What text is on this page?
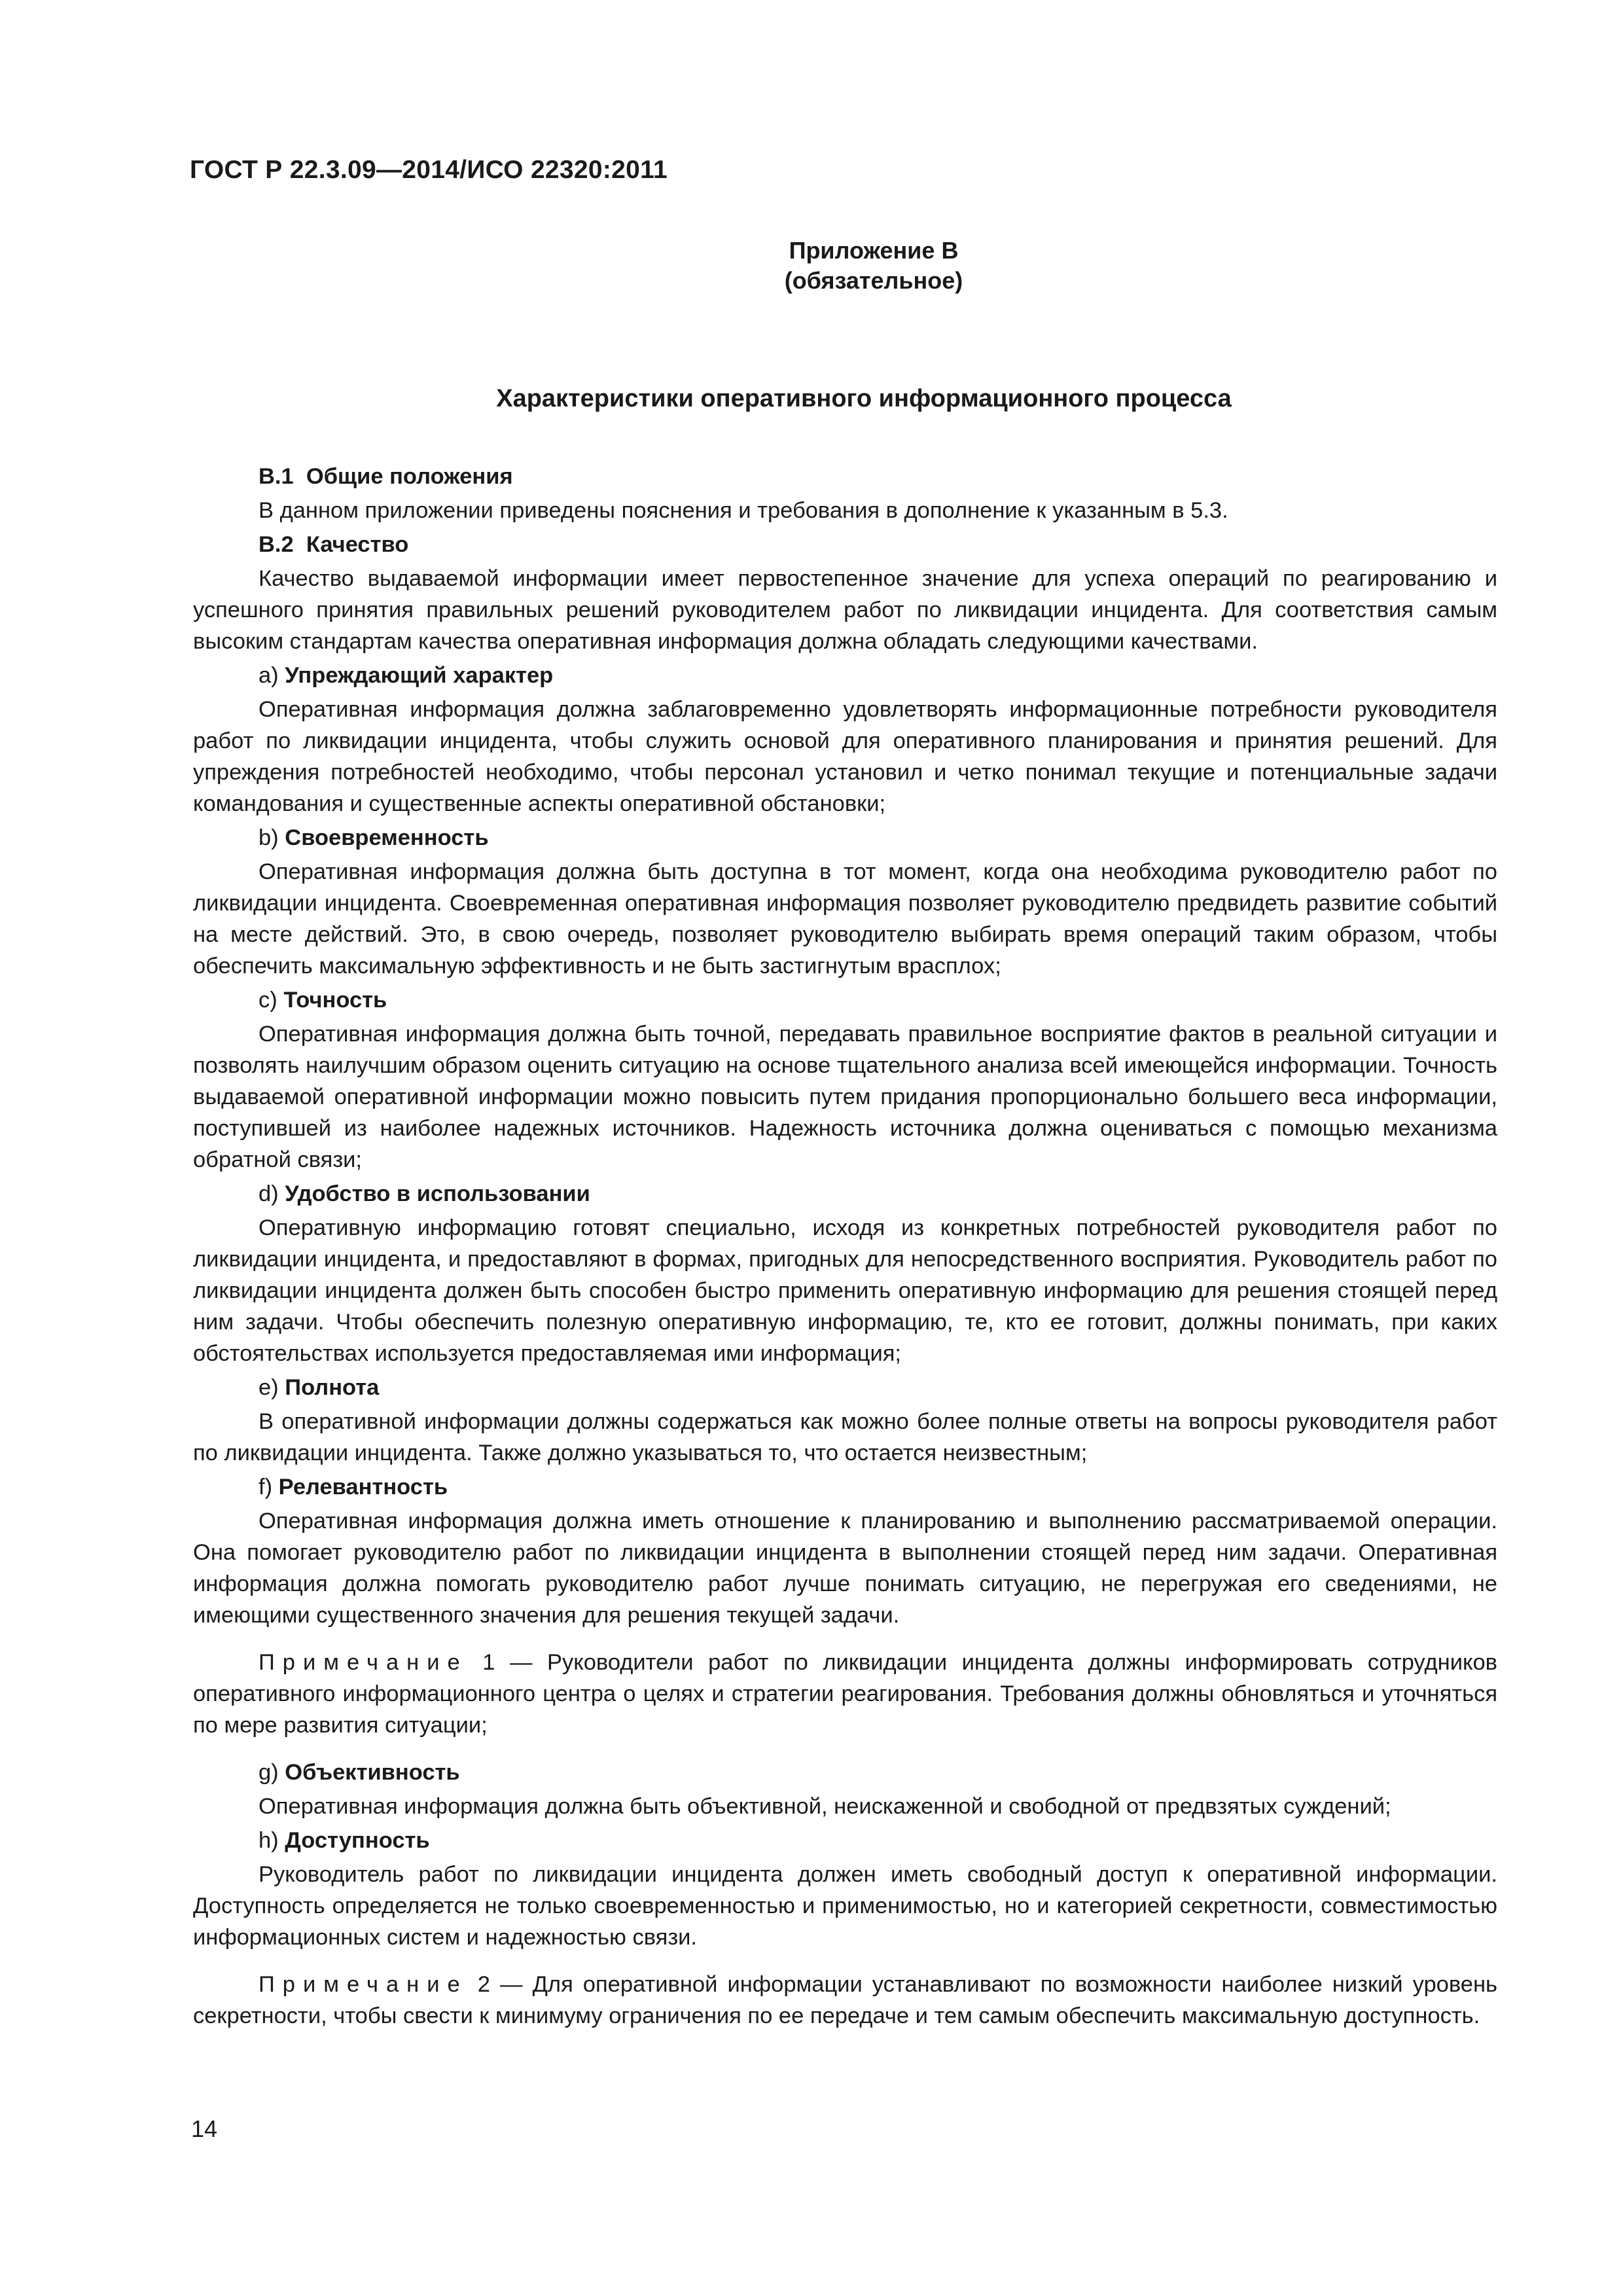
ГОСТ Р 22.3.09—2014/ИСО 22320:2011
Приложение В
(обязательное)
Характеристики оперативного информационного процесса

В.1 Общие положения

В данном приложении приведены пояснения и требования в дополнение к указанным в 5.3.

В.2 Качество

Качество выдаваемой информации имеет первостепенное значение для успеха операций по реагированию и успешного принятия правильных решений руководителем работ по ликвидации инцидента. Для соответствия самым высоким стандартам качества оперативная информация должна обладать следующими качествами.

а) Упреждающий характер

Оперативная информация должна заблаговременно удовлетворять информационные потребности руководителя работ по ликвидации инцидента, чтобы служить основой для оперативного планирования и принятия решений. Для упреждения потребностей необходимо, чтобы персонал установил и четко понимал текущие и потенциальные задачи командования и существенные аспекты оперативной обстановки;

b) Своевременность

Оперативная информация должна быть доступна в тот момент, когда она необходима руководителю работ по ликвидации инцидента. Своевременная оперативная информация позволяет руководителю предвидеть развитие событий на месте действий. Это, в свою очередь, позволяет руководителю выбирать время операций таким образом, чтобы обеспечить максимальную эффективность и не быть застигнутым врасплох;

с) Точность

Оперативная информация должна быть точной, передавать правильное восприятие фактов в реальной ситуации и позволять наилучшим образом оценить ситуацию на основе тщательного анализа всей имеющейся информации. Точность выдаваемой оперативной информации можно повысить путем придания пропорционально большего веса информации, поступившей из наиболее надежных источников. Надежность источника должна оцениваться с помощью механизма обратной связи;

d) Удобство в использовании

Оперативную информацию готовят специально, исходя из конкретных потребностей руководителя работ по ликвидации инцидента, и предоставляют в формах, пригодных для непосредственного восприятия. Руководитель работ по ликвидации инцидента должен быть способен быстро применить оперативную информацию для решения стоящей перед ним задачи. Чтобы обеспечить полезную оперативную информацию, те, кто ее готовит, должны понимать, при каких обстоятельствах используется предоставляемая ими информация;

е) Полнота

В оперативной информации должны содержаться как можно более полные ответы на вопросы руководителя работ по ликвидации инцидента. Также должно указываться то, что остается неизвестным;

f) Релевантность

Оперативная информация должна иметь отношение к планированию и выполнению рассматриваемой операции. Она помогает руководителю работ по ликвидации инцидента в выполнении стоящей перед ним задачи. Оперативная информация должна помогать руководителю работ лучше понимать ситуацию, не перегружая его сведениями, не имеющими существенного значения для решения текущей задачи.

Примечание 1 — Руководители работ по ликвидации инцидента должны информировать сотрудников оперативного информационного центра о целях и стратегии реагирования. Требования должны обновляться и уточняться по мере развития ситуации;

g) Объективность

Оперативная информация должна быть объективной, неискаженной и свободной от предвзятых суждений;

h) Доступность

Руководитель работ по ликвидации инцидента должен иметь свободный доступ к оперативной информации. Доступность определяется не только своевременностью и применимостью, но и категорией секретности, совместимостью информационных систем и надежностью связи.

Примечание 2 — Для оперативной информации устанавливают по возможности наиболее низкий уровень секретности, чтобы свести к минимуму ограничения по ее передаче и тем самым обеспечить максимальную доступность.

14
